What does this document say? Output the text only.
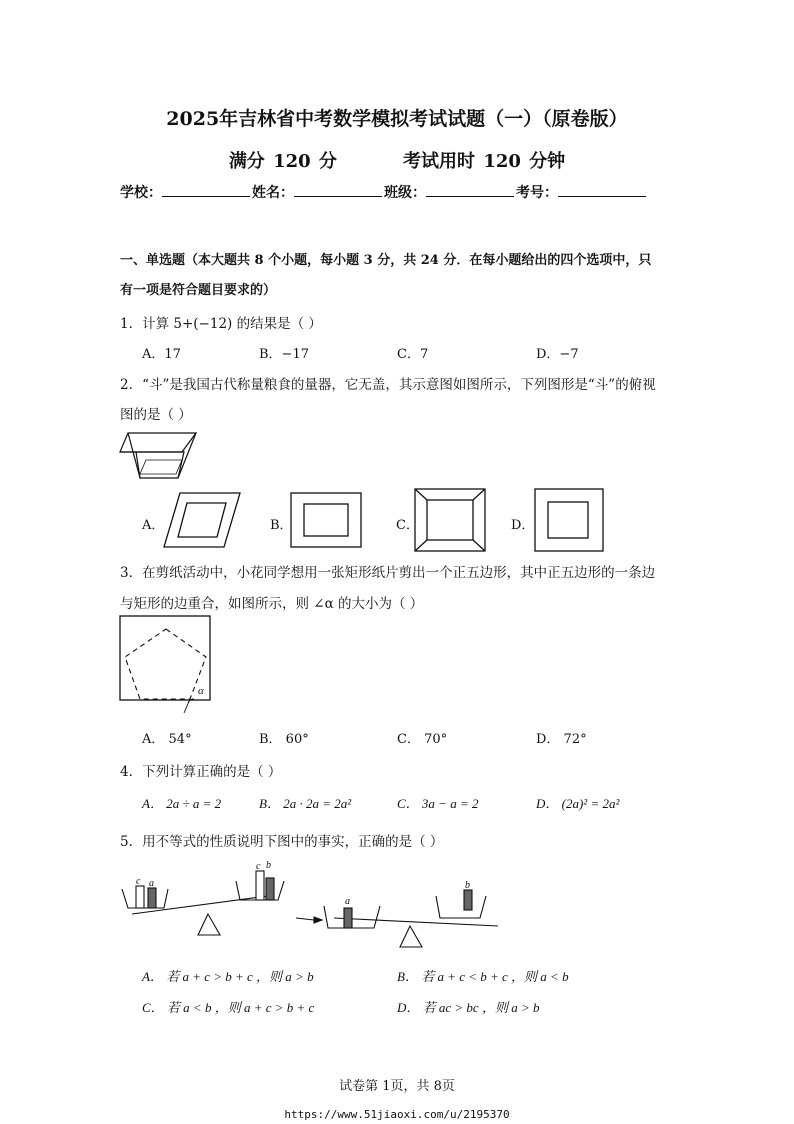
2025年吉林省中考数学模拟考试试题（一）（原卷版）
满分 120 分        考试用时 120 分钟
学校：	姓名：	班级：	考号：
一、单选题（本大题共 8 个小题，每小题 3 分，共 24 分．在每小题给出的四个选项中，只
有一项是符合题目要求的）
1．计算 5+(−12) 的结果是（ ）
A．17	B．−17	C．7	D．−7
2．“斗”是我国古代称量粮食的量器，它无盖，其示意图如图所示，下列图形是“斗”的俯视
图的是（ ）
A．	B．	C．	D．
3．在剪纸活动中，小花同学想用一张矩形纸片剪出一个正五边形，其中正五边形的一条边
与矩形的边重合，如图所示，则 ∠α 的大小为（ ）
α
A． 54°	B． 60°	C． 70°	D． 72°
4．下列计算正确的是（ ）
A． 2a ÷ a = 2	B． 2a · 2a = 2a²	C． 3a − a = 2	D． (2a)² = 2a²
5．用不等式的性质说明下图中的事实，正确的是（ ）
c a
c b
a
b
A． 若 a + c > b + c ，则 a > b	B． 若 a + c < b + c ，则 a < b
C． 若 a < b ，则 a + c > b + c	D． 若 ac > bc ，则 a > b
试卷第 1页，共 8页
https://www.51jiaoxi.com/u/2195370
